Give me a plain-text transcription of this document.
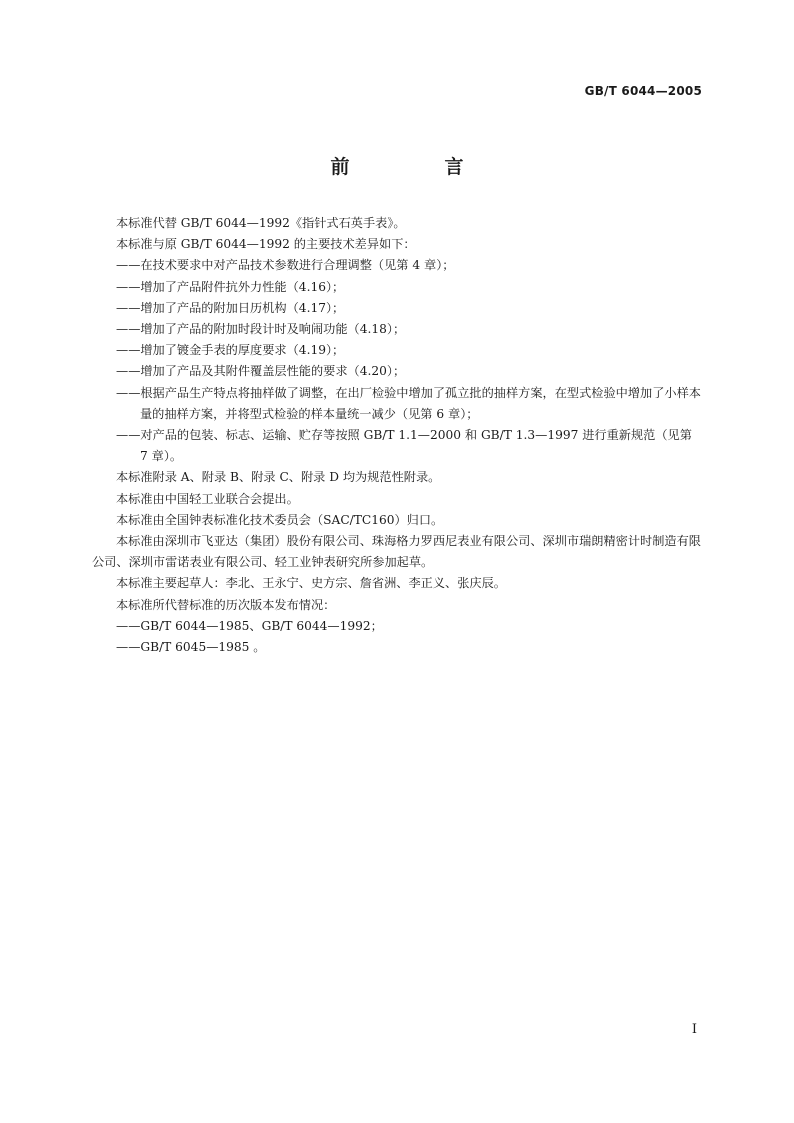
GB/T 6044—2005
前　言

本标准代替 GB/T 6044—1992《指针式石英手表》。

本标准与原 GB/T 6044—1992 的主要技术差异如下：

——在技术要求中对产品技术参数进行合理调整（见第 4 章）；

——增加了产品附件抗外力性能（4.16）；

——增加了产品的附加日历机构（4.17）；

——增加了产品的附加时段计时及响闹功能（4.18）；

——增加了镀金手表的厚度要求（4.19）；

——增加了产品及其附件覆盖层性能的要求（4.20）；

——根据产品生产特点将抽样做了调整，在出厂检验中增加了孤立批的抽样方案，在型式检验中增加了小样本量的抽样方案，并将型式检验的样本量统一减少（见第 6 章）；

——对产品的包装、标志、运输、贮存等按照 GB/T 1.1—2000 和 GB/T 1.3—1997 进行重新规范（见第 7 章）。

本标准附录 A、附录 B、附录 C、附录 D 均为规范性附录。

本标准由中国轻工业联合会提出。

本标准由全国钟表标准化技术委员会（SAC/TC160）归口。

本标准由深圳市飞亚达（集团）股份有限公司、珠海格力罗西尼表业有限公司、深圳市瑞朗精密计时制造有限公司、深圳市雷诺表业有限公司、轻工业钟表研究所参加起草。

本标准主要起草人：李北、王永宁、史方宗、詹省洲、李正义、张庆辰。

本标准所代替标准的历次版本发布情况：

——GB/T 6044—1985、GB/T 6044—1992；

——GB/T 6045—1985 。

I
